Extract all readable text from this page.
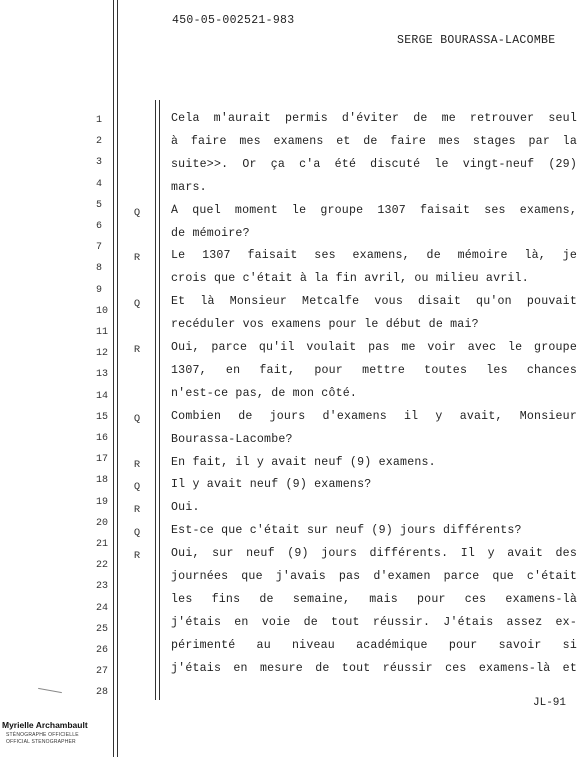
450-05-002521-983
SERGE BOURASSA-LACOMBE
1
2
3
4
5
6
7
8
9
10
11
12
13
14
15
16
17
18
19
20
21
22
23
24
25
26
27
28
Q
R
Q
R
Q
R
Q
R
Q
R
Cela m'aurait permis d'éviter de me retrouver seul
à faire mes examens et de faire mes stages par la
suite>>. Or ça c'a été discuté le vingt-neuf (29)
mars.
À quel moment le groupe 1307 faisait ses examens,
de mémoire?
Le 1307 faisait ses examens, de mémoire là, je
crois que c'était à la fin avril, ou milieu avril.
Et là Monsieur Metcalfe vous disait qu'on pouvait
recéduler vos examens pour le début de mai?
Oui, parce qu'il voulait pas me voir avec le groupe
1307, en fait, pour mettre toutes les chances
n'est-ce pas, de mon côté.
Combien de jours d'examens il y avait, Monsieur
Bourassa-Lacombe?
En fait, il y avait neuf (9) examens.
Il y avait neuf (9) examens?
Oui.
Est-ce que c'était sur neuf (9) jours différents?
Oui, sur neuf (9) jours différents. Il y avait des
journées que j'avais pas d'examen parce que c'était
les fins de semaine, mais pour ces examens-là
j'étais en voie de tout réussir. J'étais assez ex-
périmenté au niveau académique pour savoir si
j'étais en mesure de tout réussir ces examens-là et
JL-91
Myrielle Archambault
STÉNOGRAPHE OFFICIELLE
OFFICIAL STENOGRAPHER
